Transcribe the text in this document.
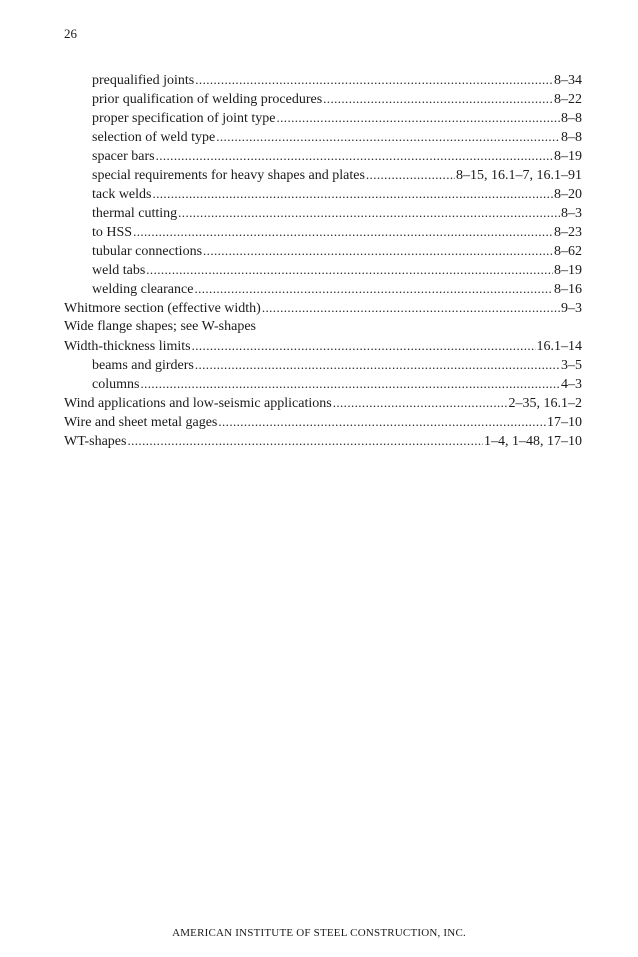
26
prequalified joints .....	8–34
prior qualification of welding procedures .....	8–22
proper specification of joint type .....	8–8
selection of weld type .....	8–8
spacer bars .....	8–19
special requirements for heavy shapes and plates .....	8–15, 16.1–7, 16.1–91
tack welds .....	8–20
thermal cutting .....	8–3
to HSS .....	8–23
tubular connections .....	8–62
weld tabs .....	8–19
welding clearance .....	8–16
Whitmore section (effective width) .....	9–3
Wide flange shapes; see W-shapes
Width-thickness limits .....	16.1–14
beams and girders .....	3–5
columns .....	4–3
Wind applications and low-seismic applications .....	2–35, 16.1–2
Wire and sheet metal gages .....	17–10
WT-shapes .....	1–4, 1–48, 17–10
AMERICAN INSTITUTE OF STEEL CONSTRUCTION, INC.
